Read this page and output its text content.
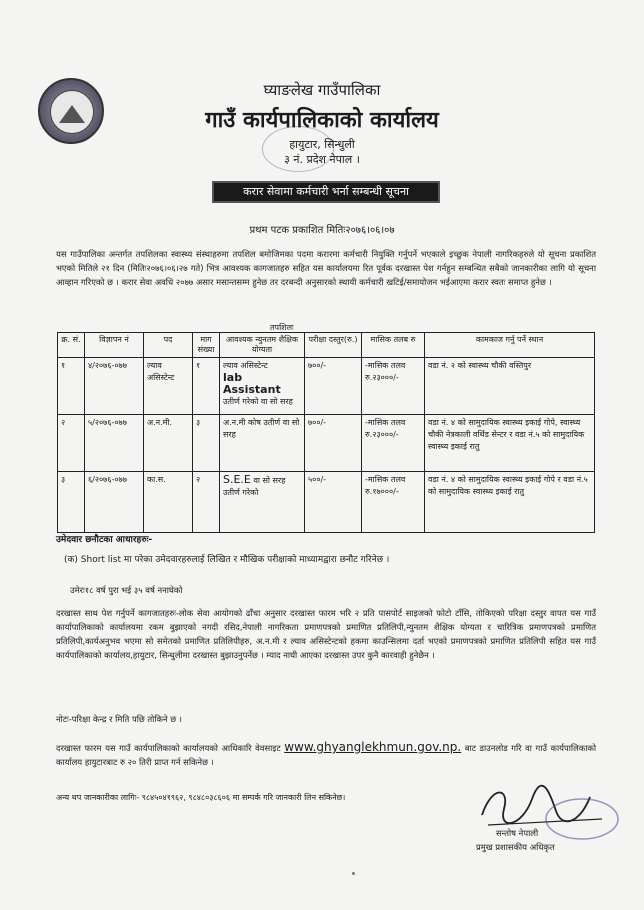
घ्याङलेख गाउँपालिका
गाउँ कार्यपालिकाको कार्यालय
हायुटार, सिन्धुली
३ नं. प्रदेश नेपाल ।
करार सेवामा कर्मचारी भर्ना सम्बन्धी सूचना
प्रथम पटक प्रकाशित मितिः२०७६।०६।०७
यस गाउँपालिका अन्तर्गत तपशिलका स्वास्थ्य संस्थाहरुमा तपशिल बमोजिमका पदमा करारमा कर्मचारी नियुक्ति गर्नुपर्ने भएकाले इच्छुक नेपाली नागरिकहरुले यो सूचना प्रकाशित भएको मितिले २१ दिन (मितिः२०७६।०६।२७ गते) भित्र आवश्यक कागजातहरु सहित यस कार्यालयमा रित पूर्वक दरखास्त पेश गर्नहुन सम्बन्धित सबैको जानकारीका लागि यो सूचना आव्हान गरिएको छ । करार सेवा अवधि २०७७ असार मसान्तसम्म हुनेछ तर दरबन्दी अनुसारको स्थायी कर्मचारी खटिई/समायोजन भईआएमा करार स्वतः समाप्त हुनेछ ।
तपशिलः
क्र. सं.	विज्ञापन नं	पद	माग संख्या	आवश्यक न्युनतम शैक्षिक योग्यता	परीक्षा दस्तुर(रु.)	मासिक तलब रु	कामकाज गर्नु पर्ने स्थान
१	४/२०७६-०७७	ल्याव असिस्टेन्ट	१	ल्याव असिस्टेन्ट
lab Assistant
उतीर्ण गरेको वा सो सरह	७००/-	-मासिक तलव रु.२३०००/-	वडा नं. २ को स्वास्थ्य चौकी वस्तिपुर
२	५/२०७६-०७७	अ.न.मी.	३	अ.न.मी कोष उतीर्ण वा सो सरह	७००/-	-मासिक तलव रु.२३०००/-	वडा नं. ४ को सामुदायिक स्वास्थ्य इकाई गोपे, स्वास्थ्य चौकी नेत्रकाली वर्थिड सेन्टर र वडा नं.५ को सामुदायिक स्वास्थ्य इकाई रातु
३	६/२०७६-०७७	का.स.	२	S.E.E वा सो सरह उतीर्ण गरेको	५००/-	-मासिक तलव रु.१७०००/-	वडा नं. ४ को सामुदायिक स्वास्थ्य इकाई गोपे र वडा नं.५ को सामुदायिक स्वास्थ्य इकाई रातु
उमेदवार छनौटका आधारहरुः-
(क) Short list मा परेका उमेदवारहरुलाई लिखित र मौखिक परीक्षाको माध्यामद्वारा छनौट गरिनेछ ।
उमेरः१८ वर्ष पुरा भई ३५ वर्ष ननाघेको
दरखास्त साथ पेश गर्नुपर्ने कागजातहरुः-लोक सेवा आयोगको ढाँचा अनुसार दरखास्त फारम भरि २ प्रति पासपोर्ट साइजको फोटो टाँसि, तोकिएको परिक्षा दस्तुर वापत यस गाउँ कार्यापालिकाको कार्यालयमा रकम बुझाएको नगदी रसिद,नेपाली नागरिकता प्रमाणपत्रको प्रमाणित प्रतिलिपी,न्युनतम शैक्षिक योग्यता र चारित्रिक प्रमाणपत्रको प्रमाणित प्रतिलिपी,कार्यअनुभव भएमा सो समेतको प्रमाणित प्रतिलिपीहरु, अ.न.मी र ल्याव असिस्टेन्टको हकमा काउन्सिलमा दर्ता भएको प्रमाणपत्रको प्रमाणित प्रतिलिपी सहित यस गाउँ कार्यपालिकाको कार्यालय,हायुटार, सिन्धुलीमा दरखास्त बुझाउनुपर्नेछ । म्याद नाघी आएका दरखास्त उपर कुनै कारवाही हुनेछैन ।
नोटः-परिक्षा केन्द्र र मिति पछि तोकिने छ ।
दरखास्त फारम यस गाउँ कार्यपालिकाको कार्यालयको आधिकारि वेवसाइट www.ghyanglekhmun.gov.np. बाट डाउनलोड गरि वा गाउँ कार्यपालिकाको कार्यालय हायुटारबाट रु २० तिरी प्राप्त गर्न सकिनेछ ।
अन्य थप जानकारीका लागिः- ९८४५०४१९६२, ९८४८०३८६०६ मा सम्पर्क गरि जानकारी लिन सकिनेछ।
सन्तोष नेपाली
प्रमुख प्रशासकीय अधिकृत
